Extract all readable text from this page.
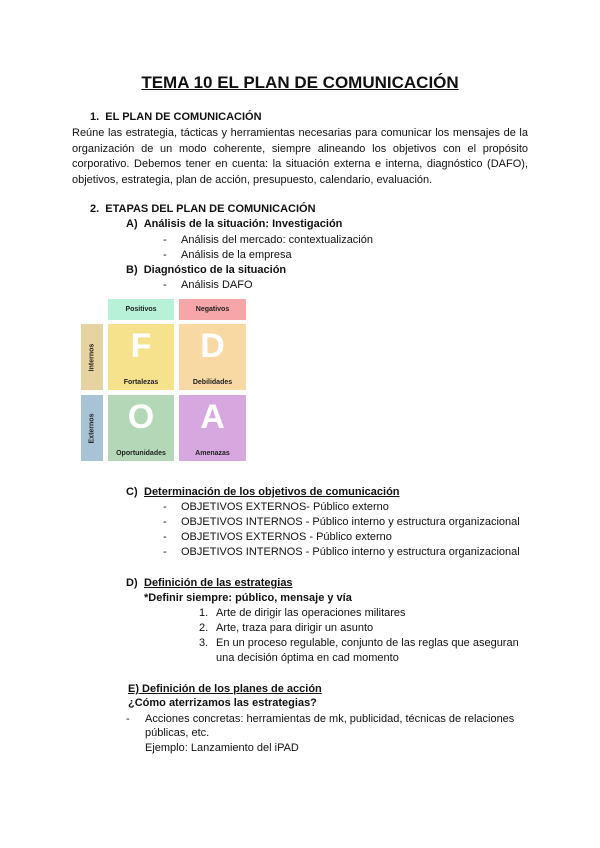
TEMA 10 EL PLAN DE COMUNICACIÓN
1.  EL PLAN DE COMUNICACIÓN
Reúne las estrategia, tácticas y herramientas necesarias para comunicar los mensajes de la organización de un modo coherente, siempre alineando los objetivos con el propósito corporativo. Debemos tener en cuenta: la situación externa e interna, diagnóstico (DAFO), objetivos, estrategia, plan de acción, presupuesto, calendario, evaluación.
2.  ETAPAS DEL PLAN DE COMUNICACIÓN
A)  Análisis de la situación: Investigación
- Análisis del mercado: contextualización
- Análisis de la empresa
B)  Diagnóstico de la situación
- Análisis DAFO
Positivos	Negativos
Internos
Externos
F
Fortalezas
D
Debilidades
O
Oportunidades
A
Amenazas
C) Determinación de los objetivos de comunicación
- OBJETIVOS EXTERNOS- Público externo
- OBJETIVOS INTERNOS - Público interno y estructura organizacional
- OBJETIVOS EXTERNOS - Público externo
- OBJETIVOS INTERNOS - Público interno y estructura organizacional
D) Definición de las estrategias
*Definir siempre: público, mensaje y vía
1. Arte de dirigir las operaciones militares
2. Arte, traza para dirigir un asunto
3. En un proceso regulable, conjunto de las reglas que aseguran
una decisión óptima en cad momento
E) Definición de los planes de acción
¿Cómo aterrizamos las estrategias?
- Acciones concretas: herramientas de mk, publicidad, técnicas de relaciones
públicas, etc.
Ejemplo: Lanzamiento del iPAD
